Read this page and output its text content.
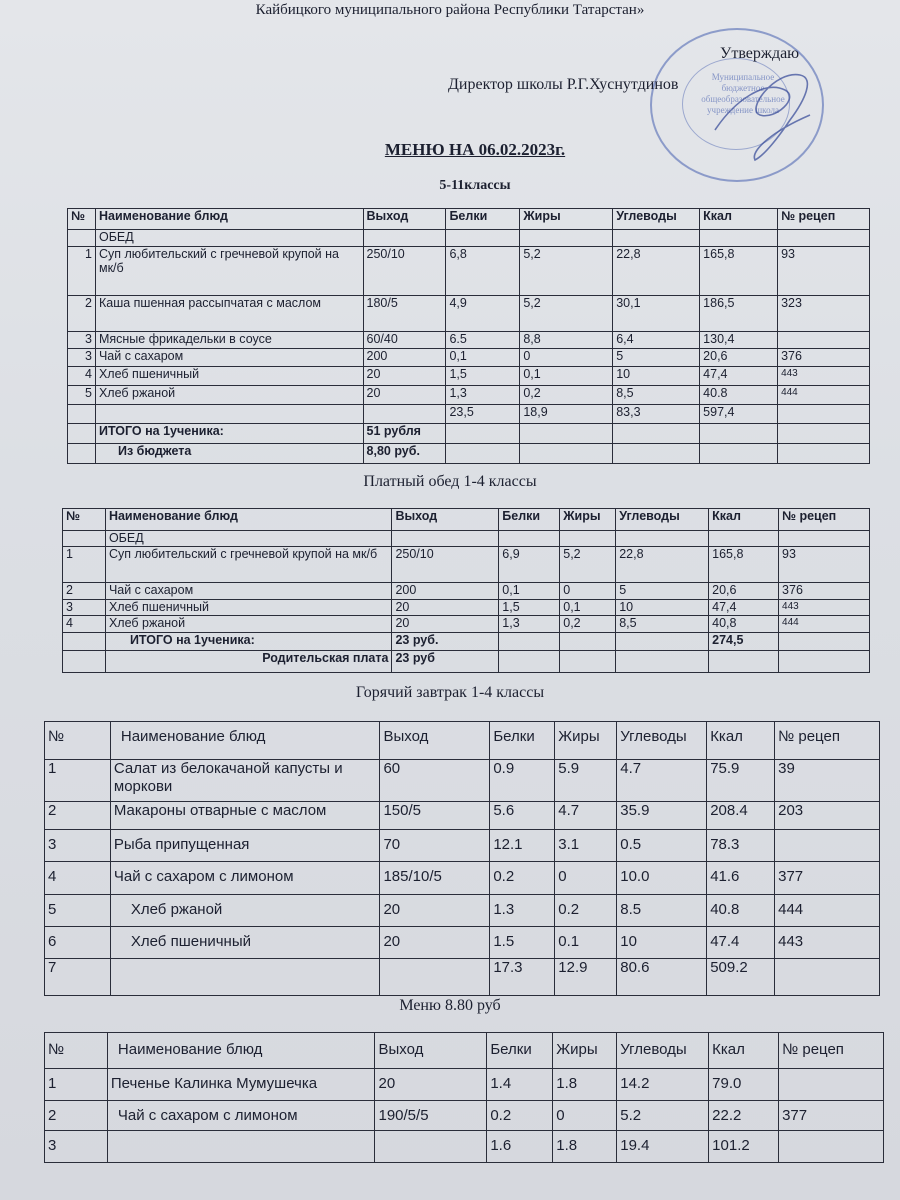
Кайбицкого муниципального района Республики Татарстан»
Муниципальное бюджетное общеобразовательное учреждение школа
Утверждаю
Директор школы Р.Г.Хуснутдинов
МЕНЮ НА 06.02.2023г.
5-11классы
№	Наименование блюд	Выход	Белки	Жиры	Углеводы	Ккал	№ рецеп
	ОБЕД						
1	Суп любительский с гречневой крупой на мк/б	250/10	6,8	5,2	22,8	165,8	93
2	Каша пшенная рассыпчатая с маслом	180/5	4,9	5,2	30,1	186,5	323
3	Мясные фрикадельки в соусе	60/40	6.5	8,8	6,4	130,4	
3	Чай с сахаром	200	0,1	0	5	20,6	376
4	Хлеб пшеничный	20	1,5	0,1	10	47,4	443
5	Хлеб ржаной	20	1,3	0,2	8,5	40.8	444
			23,5	18,9	83,3	597,4	
	ИТОГО на 1ученика:	51 рубля					
	Из бюджета	8,80 руб.					
Платный обед 1-4 классы
№	Наименование блюд	Выход	Белки	Жиры	Углеводы	Ккал	№ рецеп
	ОБЕД						
1	Суп любительский с гречневой крупой на мк/б	250/10	6,9	5,2	22,8	165,8	93
2	Чай с сахаром	200	0,1	0	5	20,6	376
3	Хлеб пшеничный	20	1,5	0,1	10	47,4	443
4	Хлеб ржаной	20	1,3	0,2	8,5	40,8	444
	ИТОГО на 1ученика:	23 руб.				274,5	
	Родительская плата	23 руб					
Горячий завтрак 1-4 классы
№	Наименование блюд	Выход	Белки	Жиры	Углеводы	Ккал	№ рецеп
1	Салат из белокачаной капусты и моркови	60	0.9	5.9	4.7	75.9	39
2	Макароны отварные с маслом	150/5	5.6	4.7	35.9	208.4	203
3	Рыба припущенная	70	12.1	3.1	0.5	78.3	
4	Чай с сахаром с лимоном	185/10/5	0.2	0	10.0	41.6	377
5	Хлеб ржаной	20	1.3	0.2	8.5	40.8	444
6	Хлеб пшеничный	20	1.5	0.1	10	47.4	443
7			17.3	12.9	80.6	509.2	
Меню 8.80 руб
№	Наименование блюд	Выход	Белки	Жиры	Углеводы	Ккал	№ рецеп
1	Печенье Калинка Мумушечка	20	1.4	1.8	14.2	79.0	
2	Чай с сахаром с лимоном	190/5/5	0.2	0	5.2	22.2	377
3			1.6	1.8	19.4	101.2	
